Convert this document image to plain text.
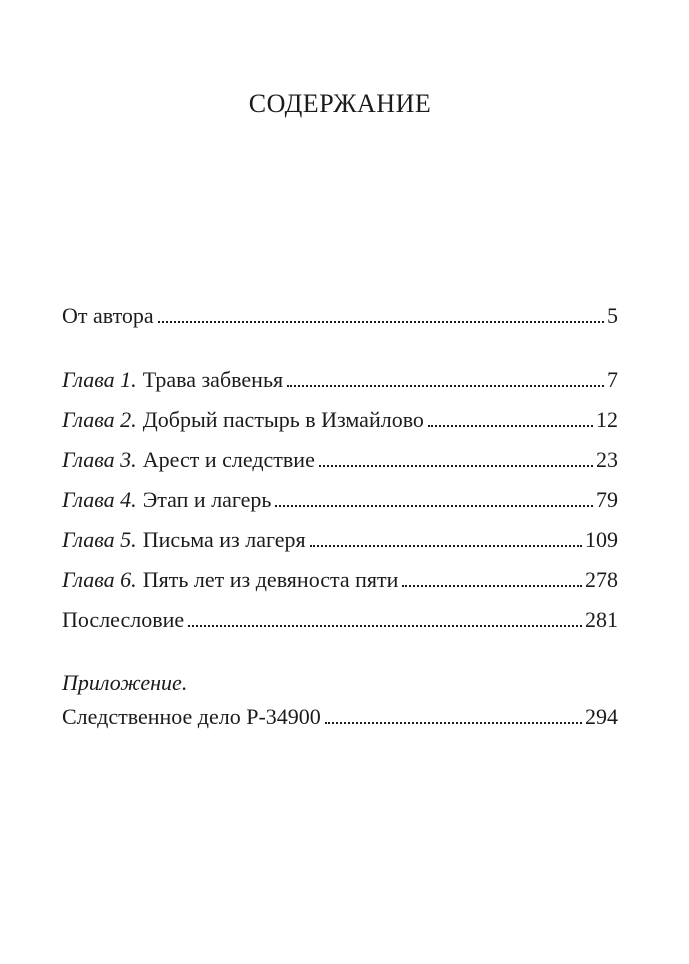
СОДЕРЖАНИЕ
От автора	5
Глава 1. Трава забвенья	7
Глава 2. Добрый пастырь в Измайлово	12
Глава 3. Арест и следствие	23
Глава 4. Этап и лагерь	79
Глава 5. Письма из лагеря	109
Глава 6. Пять лет из девяноста пяти	278
Послесловие	281
Приложение.
Следственное дело Р-34900	294
